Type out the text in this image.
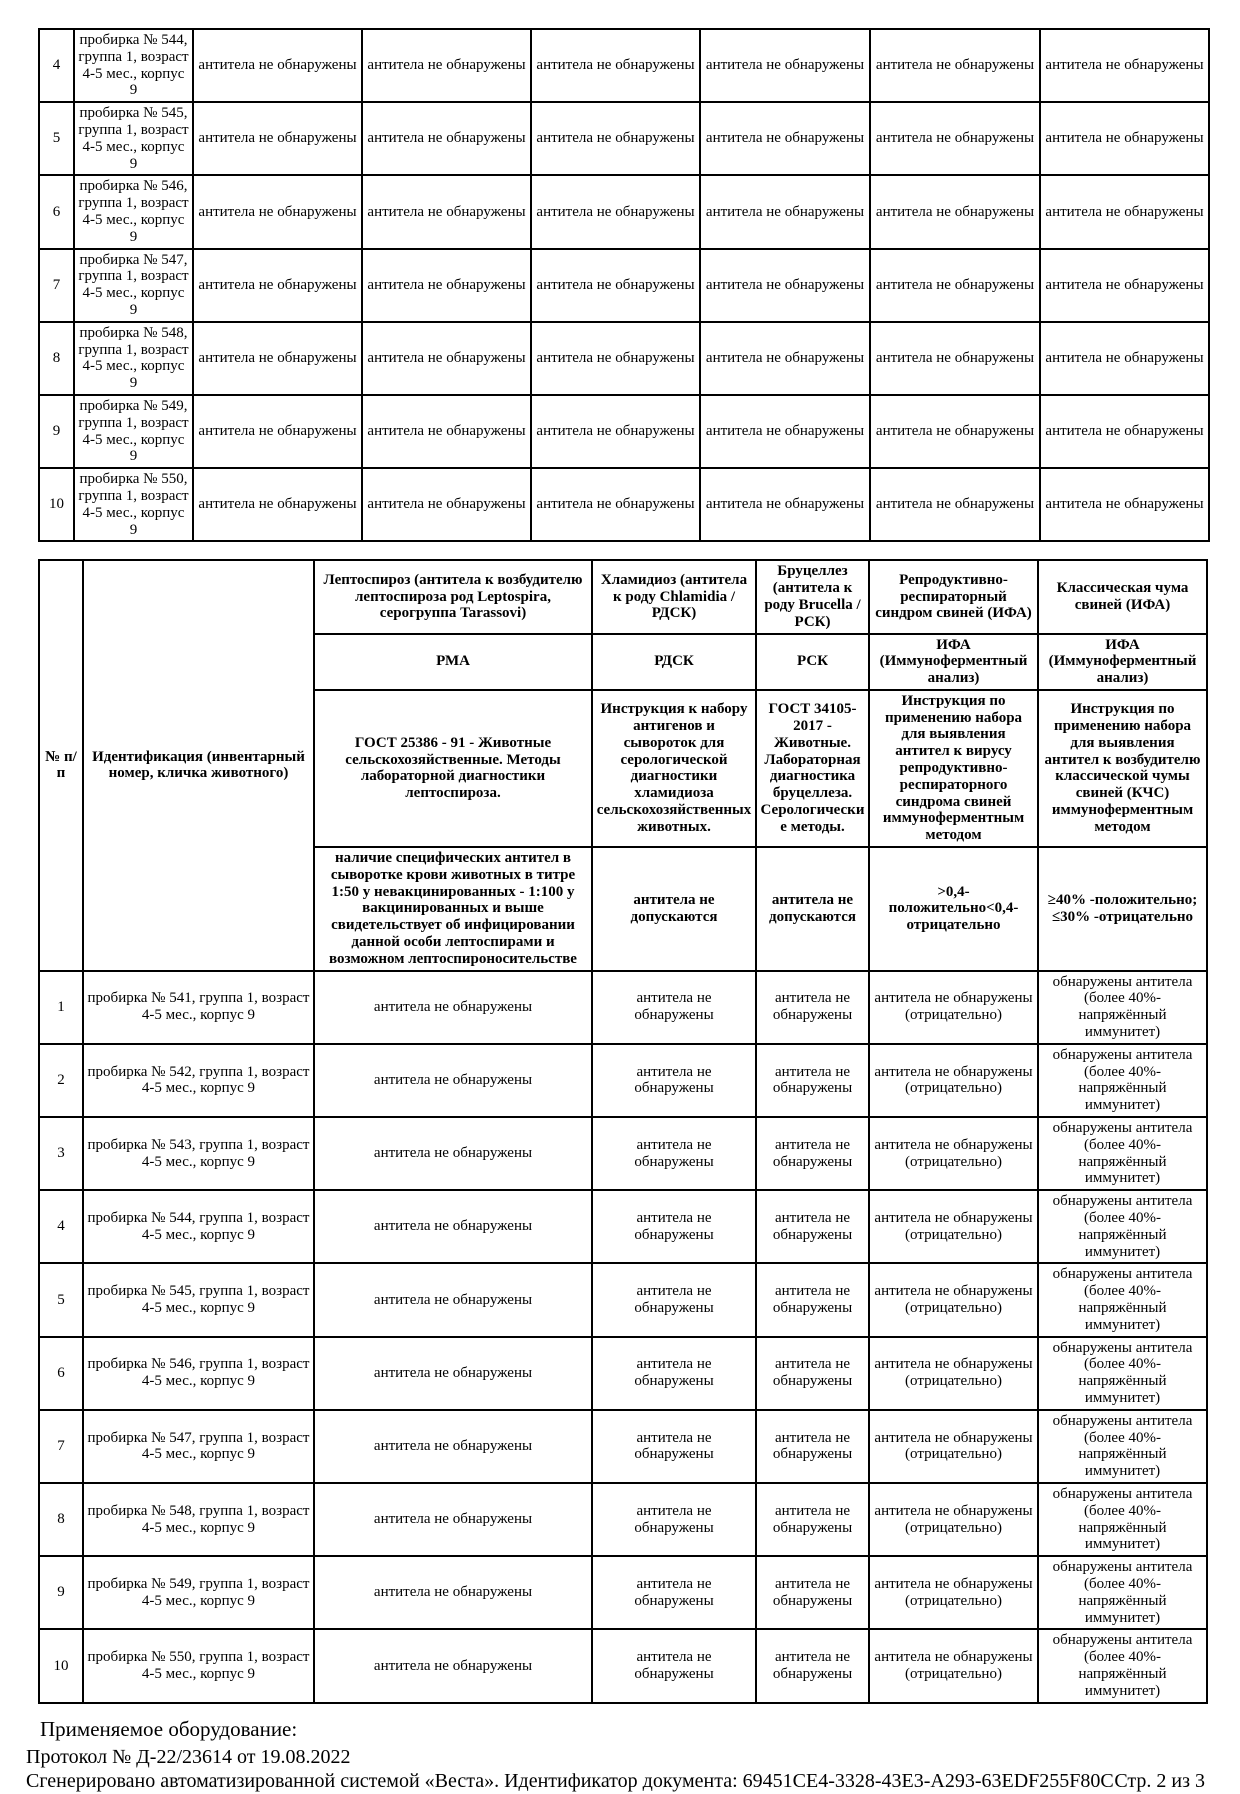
4	пробирка № 544, группа 1, возраст 4-5 мес., корпус 9	антитела не обнаружены	антитела не обнаружены	антитела не обнаружены	антитела не обнаружены	антитела не обнаружены	антитела не обнаружены
5	пробирка № 545, группа 1, возраст 4-5 мес., корпус 9	антитела не обнаружены	антитела не обнаружены	антитела не обнаружены	антитела не обнаружены	антитела не обнаружены	антитела не обнаружены
6	пробирка № 546, группа 1, возраст 4-5 мес., корпус 9	антитела не обнаружены	антитела не обнаружены	антитела не обнаружены	антитела не обнаружены	антитела не обнаружены	антитела не обнаружены
7	пробирка № 547, группа 1, возраст 4-5 мес., корпус 9	антитела не обнаружены	антитела не обнаружены	антитела не обнаружены	антитела не обнаружены	антитела не обнаружены	антитела не обнаружены
8	пробирка № 548, группа 1, возраст 4-5 мес., корпус 9	антитела не обнаружены	антитела не обнаружены	антитела не обнаружены	антитела не обнаружены	антитела не обнаружены	антитела не обнаружены
9	пробирка № 549, группа 1, возраст 4-5 мес., корпус 9	антитела не обнаружены	антитела не обнаружены	антитела не обнаружены	антитела не обнаружены	антитела не обнаружены	антитела не обнаружены
10	пробирка № 550, группа 1, возраст 4-5 мес., корпус 9	антитела не обнаружены	антитела не обнаружены	антитела не обнаружены	антитела не обнаружены	антитела не обнаружены	антитела не обнаружены
№ п/п	Идентификация (инвентарный номер, кличка животного)	Лептоспироз (антитела к возбудителю лептоспироза род Leptospira, серогруппа Tarassovi)	Хламидиоз (антитела к роду Chlamidia / РДСК)	Бруцеллез (антитела к роду Brucella / РСК)	Репродуктивно-респираторный синдром свиней (ИФА)	Классическая чума свиней (ИФА)
		РМА	РДСК	РСК	ИФА (Иммуноферментный анализ)	ИФА (Иммуноферментный анализ)
		ГОСТ 25386 - 91 - Животные сельскохозяйственные. Методы лабораторной диагностики лептоспироза.	Инструкция к набору антигенов и сывороток для серологической диагностики хламидиоза сельскохозяйственных животных.	ГОСТ 34105-2017 - Животные. Лабораторная диагностика бруцеллеза. Серологические методы.	Инструкция по применению набора для выявления антител к вирусу репродуктивно-респираторного синдрома свиней иммуноферментным методом	Инструкция по применению набора для выявления антител к возбудителю классической чумы свиней (КЧС) иммуноферментным методом
		наличие специфических антител в сыворотке крови животных в титре 1:50 у невакцинированных - 1:100 у вакцинированных и выше свидетельствует об инфицировании данной особи лептоспирами и возможном лептоспироносительстве	антитела не допускаются	антитела не допускаются	>0,4-положительно<0,4-отрицательно	≥40% -положительно; ≤30% -отрицательно
1	пробирка № 541, группа 1, возраст 4-5 мес., корпус 9	антитела не обнаружены	антитела не обнаружены	антитела не обнаружены	антитела не обнаружены (отрицательно)	обнаружены антитела (более 40%- напряжённый иммунитет)
2	пробирка № 542, группа 1, возраст 4-5 мес., корпус 9	антитела не обнаружены	антитела не обнаружены	антитела не обнаружены	антитела не обнаружены (отрицательно)	обнаружены антитела (более 40%- напряжённый иммунитет)
3	пробирка № 543, группа 1, возраст 4-5 мес., корпус 9	антитела не обнаружены	антитела не обнаружены	антитела не обнаружены	антитела не обнаружены (отрицательно)	обнаружены антитела (более 40%- напряжённый иммунитет)
4	пробирка № 544, группа 1, возраст 4-5 мес., корпус 9	антитела не обнаружены	антитела не обнаружены	антитела не обнаружены	антитела не обнаружены (отрицательно)	обнаружены антитела (более 40%- напряжённый иммунитет)
5	пробирка № 545, группа 1, возраст 4-5 мес., корпус 9	антитела не обнаружены	антитела не обнаружены	антитела не обнаружены	антитела не обнаружены (отрицательно)	обнаружены антитела (более 40%- напряжённый иммунитет)
6	пробирка № 546, группа 1, возраст 4-5 мес., корпус 9	антитела не обнаружены	антитела не обнаружены	антитела не обнаружены	антитела не обнаружены (отрицательно)	обнаружены антитела (более 40%- напряжённый иммунитет)
7	пробирка № 547, группа 1, возраст 4-5 мес., корпус 9	антитела не обнаружены	антитела не обнаружены	антитела не обнаружены	антитела не обнаружены (отрицательно)	обнаружены антитела (более 40%- напряжённый иммунитет)
8	пробирка № 548, группа 1, возраст 4-5 мес., корпус 9	антитела не обнаружены	антитела не обнаружены	антитела не обнаружены	антитела не обнаружены (отрицательно)	обнаружены антитела (более 40%- напряжённый иммунитет)
9	пробирка № 549, группа 1, возраст 4-5 мес., корпус 9	антитела не обнаружены	антитела не обнаружены	антитела не обнаружены	антитела не обнаружены (отрицательно)	обнаружены антитела (более 40%- напряжённый иммунитет)
10	пробирка № 550, группа 1, возраст 4-5 мес., корпус 9	антитела не обнаружены	антитела не обнаружены	антитела не обнаружены	антитела не обнаружены (отрицательно)	обнаружены антитела (более 40%- напряжённый иммунитет)
Применяемое оборудование:
Протокол № Д-22/23614 от 19.08.2022
Сгенерировано автоматизированной системой «Веста». Идентификатор документа: 69451CE4-3328-43E3-A293-63EDF255F80C Стр. 2 из 3
